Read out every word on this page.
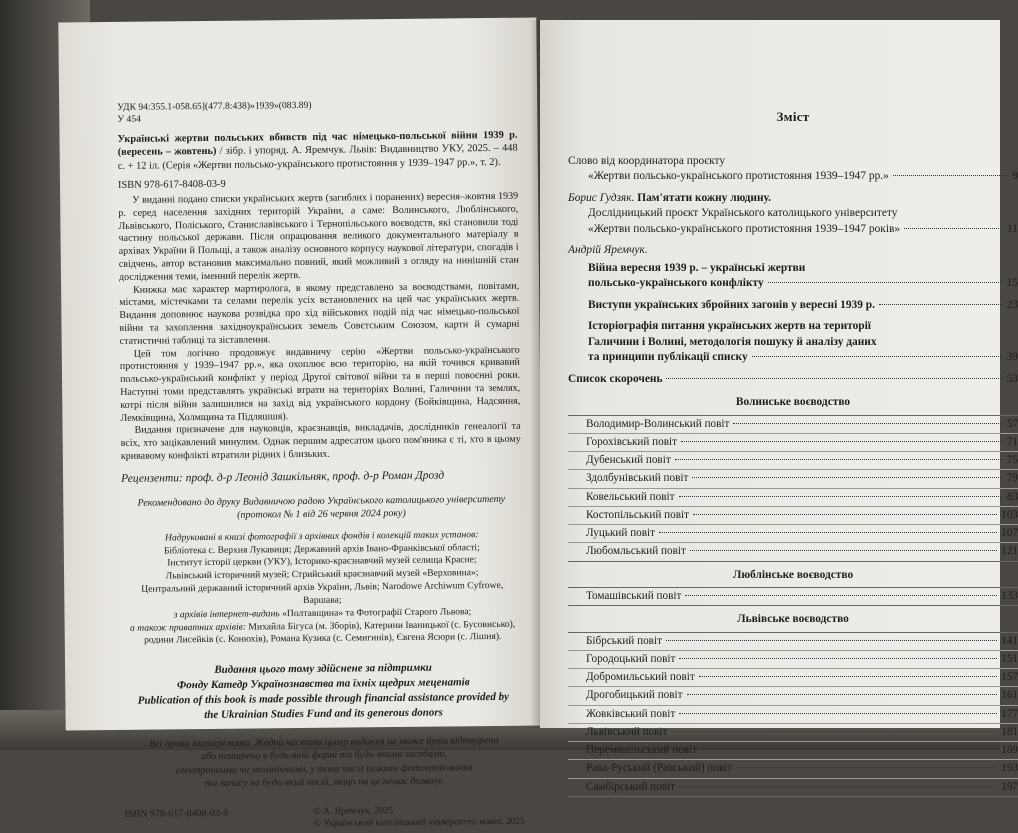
УДК 94:355.1-058.65](477.8:438)»1939»(083.89)
У 454
Українські жертви польських вбивств під час німецько-польської війни 1939 р. (вересень – жовтень) / зібр. і упоряд. А. Яремчук. Львів: Видавництво УКУ, 2025. – 448 с. + 12 іл. (Серія «Жертви польсько-українського протистояння у 1939–1947 рр.», т. 2).
ISBN 978-617-8408-03-9

У виданні подано списки українських жертв (загиблих і поранених) вересня–жовтня 1939 р. серед населення західних територій України, а саме: Волинського, Люблінського, Львівського, Поліського, Станиславівського і Тернопільського воєводств, які становили тоді частину польської держави. Після опрацювання великого документального матеріалу в архівах України й Польщі, а також аналізу основного корпусу наукової літератури, спогадів і свідчень, автор встановив максимально повний, який можливий з огляду на нинішній стан дослідження теми, іменний перелік жертв.

Книжка має характер мартиролога, в якому представлено за воєводствами, повітами, містами, містечками та селами перелік усіх встановлених на цей час українських жертв. Видання доповнює наукова розвідка про хід військових подій під час німецько-польської війни та захоплення західноукраїнських земель Совєтським Союзом, карти й сумарні статистичні таблиці та зіставлення.

Цей том логічно продовжує видавничу серію «Жертви польсько-українського протистояння у 1939–1947 рр.», яка охоплює всю територію, на якій точився кривавий польсько-український конфлікт у період Другої світової війни та в перші повоєнні роки. Наступні томи представлять українські втрати на територіях Волині, Галичини та землях, котрі після війни залишилися на захід від українського кордону (Бойківщина, Надсяння, Лемківщина, Холмщина та Підляшшя).

Видання призначене для науковців, краєзнавців, викладачів, дослідників генеалогії та всіх, хто зацікавлений минулим. Однак першим адресатом цього пом'яника є ті, хто в цьому кривавому конфлікті втратили рідних і близьких.

Рецензенти: проф. д-р Леонід Зашкільняк, проф. д-р Роман Дрозд
Рекомендовано до друку Видавничою радою Українського католицького університету (протокол № 1 від 26 червня 2024 року)
Надруковані в книзі фотографії з архівних фондів і колекцій таких установ:
Бібліотека с. Верхня Лукавиця; Державний архів Івано-Франківської області;
Інститут історії церкви (УКУ), Історико-краєзнавчий музей селища Красне;
Львівський історичний музей; Стрийський краєзнавчий музей «Верховина»;
Центральний державний історичний архів України, Львів; Narodowe Archiwum Cyfrowe, Варшава;
з архівів інтернет-видань «Полтавщина» та Фотографії Старого Львова;
а також приватних архівів: Михайла Бігуса (м. Зборів), Катерини Іваницької (с. Бусовисько),
родини Лисейків (с. Конюхів), Романа Кузика (с. Семигинів), Євгена Ясюри (с. Лішня).
Видання цього тому здійснене за підтримки
Фонду Катедр Українознавства та їхніх щедрих меценатів
Publication of this book is made possible through financial assistance provided by
the Ukrainian Studies Fund and its generous donors
Всі права застережено. Жодна частина цього видання не може бути відтворена
або поширена в будь-якій формі та будь-якими засобами,
електронними чи механічними, у тому числі шляхом фотокопіювання
та запису на будь-який носій, якщо на це немає дозволу.
ISBN 978-617-8408-03-9	© А. Яремчук, 2025
© Український католицький університет, макет, 2025
Зміст
Слово від координатора проєкту
«Жертви польсько-українського протистояння 1939–1947 рр.»	9
Борис Гудзяк. Пам'ятати кожну людину.
Дослідницький проєкт Українського католицького університету
«Жертви польсько-українського протистояння 1939–1947 років»	11
Андрій Яремчук.
Війна вересня 1939 р. – українські жертви
польсько-українського конфлікту	15
Виступи українських збройних загонів у вересні 1939 р.	23
Історіографія питання українських жертв на території
Галичини і Волині, методологія пошуку й аналізу даних
та принципи публікації списку	39
Список скорочень	53
Волинське воєводство
Володимир-Волинський повіт	57
Горохівський повіт	71
Дубенський повіт	75
Здолбунівський повіт	79
Ковельський повіт	83
Костопільський повіт	103
Луцький повіт	107
Любомльський повіт	121
Люблінське воєводство
Томашівський повіт	133
Львівське воєводство
Бібрський повіт	141
Городоцький повіт	151
Добромильський повіт	157
Дрогобицький повіт	161
Жовківський повіт	177
Львівський повіт	181
Перемишльський повіт	189
Рава-Руський (Равський) повіт	193
Самбірський повіт	197
